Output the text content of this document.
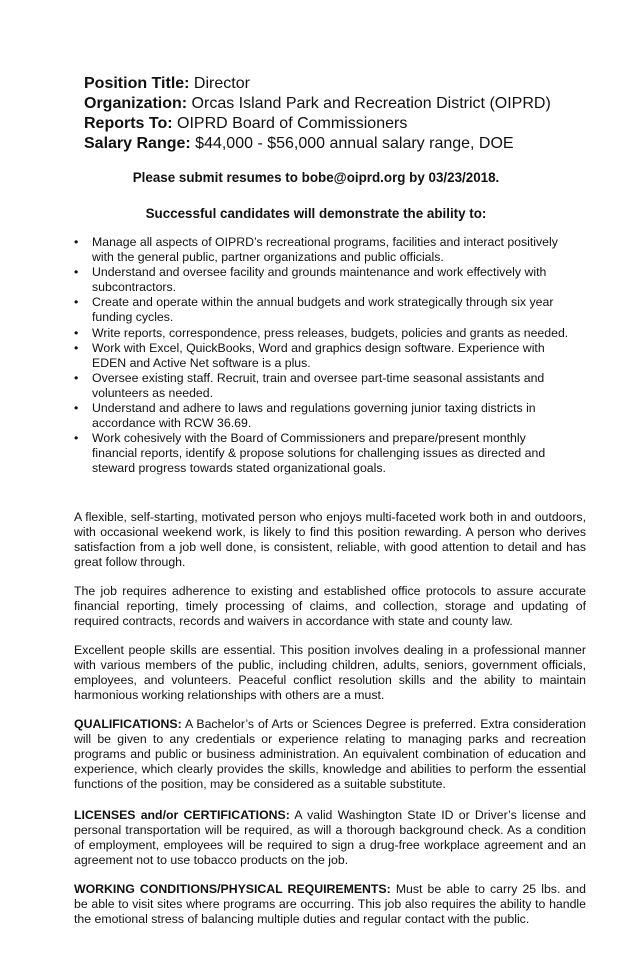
Position Title: Director
Organization: Orcas Island Park and Recreation District (OIPRD)
Reports To: OIPRD Board of Commissioners
Salary Range: $44,000 - $56,000 annual salary range, DOE
Please submit resumes to bobe@oiprd.org by 03/23/2018.
Successful candidates will demonstrate the ability to:
• Manage all aspects of OIPRD’s recreational programs, facilities and interact positively with the general public, partner organizations and public officials.
• Understand and oversee facility and grounds maintenance and work effectively with subcontractors.
• Create and operate within the annual budgets and work strategically through six year funding cycles.
• Write reports, correspondence, press releases, budgets, policies and grants as needed.
• Work with Excel, QuickBooks, Word and graphics design software. Experience with EDEN and Active Net software is a plus.
• Oversee existing staff. Recruit, train and oversee part-time seasonal assistants and volunteers as needed.
• Understand and adhere to laws and regulations governing junior taxing districts in accordance with RCW 36.69.
• Work cohesively with the Board of Commissioners and prepare/present monthly financial reports, identify & propose solutions for challenging issues as directed and steward progress towards stated organizational goals.

A flexible, self-starting, motivated person who enjoys multi-faceted work both in and outdoors, with occasional weekend work, is likely to find this position rewarding. A person who derives satisfaction from a job well done, is consistent, reliable, with good attention to detail and has great follow through.

The job requires adherence to existing and established office protocols to assure accurate financial reporting, timely processing of claims, and collection, storage and updating of required contracts, records and waivers in accordance with state and county law.

Excellent people skills are essential. This position involves dealing in a professional manner with various members of the public, including children, adults, seniors, government officials, employees, and volunteers. Peaceful conflict resolution skills and the ability to maintain harmonious working relationships with others are a must.

QUALIFICATIONS: A Bachelor’s of Arts or Sciences Degree is preferred. Extra consideration will be given to any credentials or experience relating to managing parks and recreation programs and public or business administration. An equivalent combination of education and experience, which clearly provides the skills, knowledge and abilities to perform the essential functions of the position, may be considered as a suitable substitute.

LICENSES and/or CERTIFICATIONS: A valid Washington State ID or Driver’s license and personal transportation will be required, as will a thorough background check. As a condition of employment, employees will be required to sign a drug-free workplace agreement and an agreement not to use tobacco products on the job.

WORKING CONDITIONS/PHYSICAL REQUIREMENTS: Must be able to carry 25 lbs. and be able to visit sites where programs are occurring. This job also requires the ability to handle the emotional stress of balancing multiple duties and regular contact with the public.
